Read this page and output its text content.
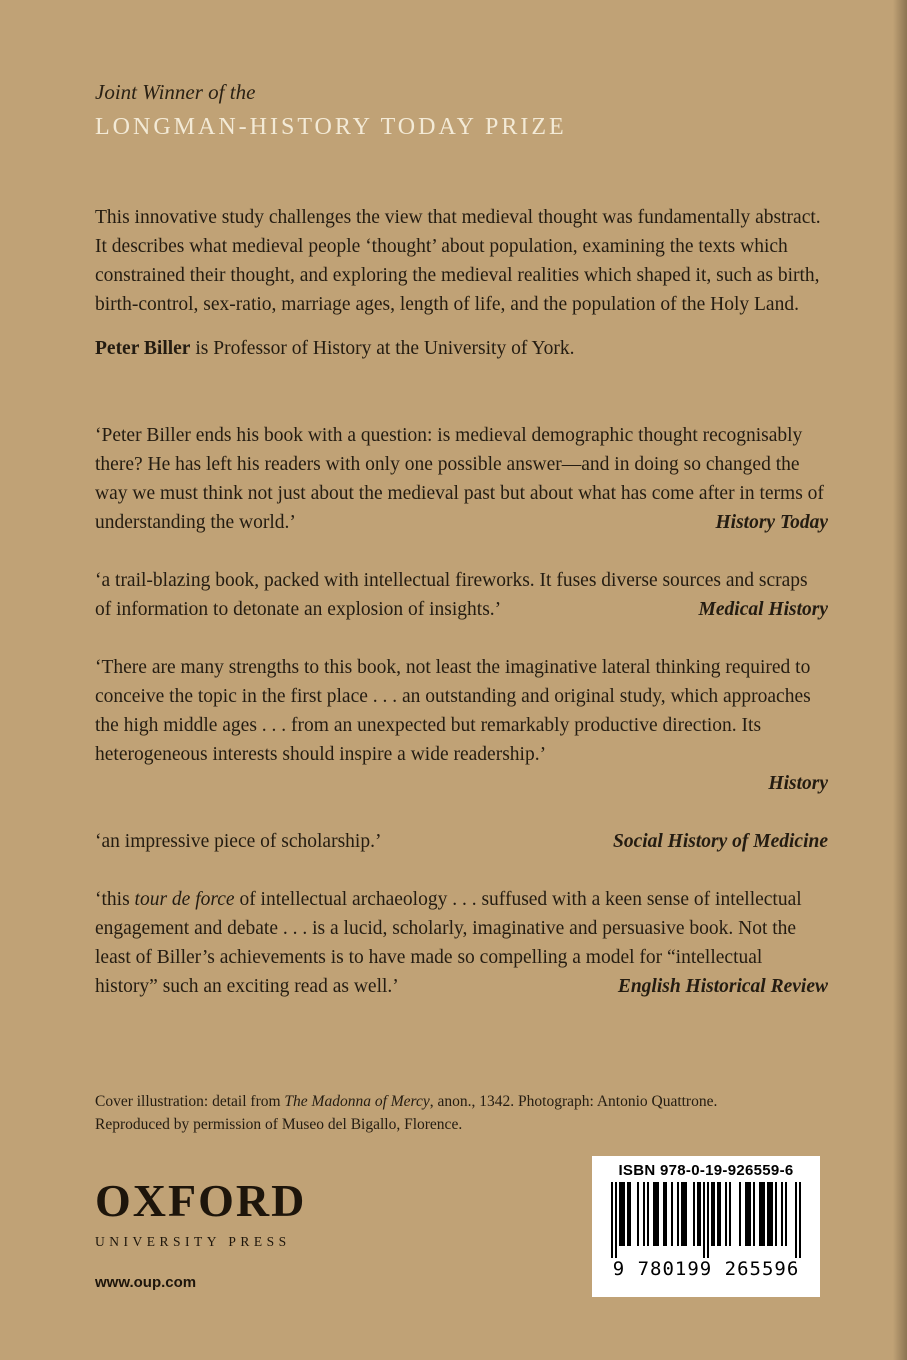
Joint Winner of the

LONGMAN-HISTORY TODAY PRIZE

This innovative study challenges the view that medieval thought was fundamentally abstract. It describes what medieval people ‘thought’ about population, examining the texts which constrained their thought, and exploring the medieval realities which shaped it, such as birth, birth-control, sex-ratio, marriage ages, length of life, and the population of the Holy Land.

Peter Biller is Professor of History at the University of York.

‘Peter Biller ends his book with a question: is medieval demographic thought recognisably there? He has left his readers with only one possible answer—and in doing so changed the way we must think not just about the medieval past but about what has come after in terms of understanding the world.’	History Today

‘a trail-blazing book, packed with intellectual fireworks. It fuses diverse sources and scraps of information to detonate an explosion of insights.’	Medical History

‘There are many strengths to this book, not least the imaginative lateral thinking required to conceive the topic in the first place . . . an outstanding and original study, which approaches the high middle ages . . . from an unexpected but remarkably productive direction. Its heterogeneous interests should inspire a wide readership.’

History

‘an impressive piece of scholarship.’	Social History of Medicine

‘this tour de force of intellectual archaeology . . . suffused with a keen sense of intellectual engagement and debate . . . is a lucid, scholarly, imaginative and persuasive book. Not the least of Biller’s achievements is to have made so compelling a model for “intellectual history” such an exciting read as well.’	English Historical Review

Cover illustration: detail from The Madonna of Mercy, anon., 1342. Photograph: Antonio Quattrone. Reproduced by permission of Museo del Bigallo, Florence.

OXFORD
UNIVERSITY PRESS
www.oup.com
ISBN 978-0-19-926559-6
9 780199 265596
